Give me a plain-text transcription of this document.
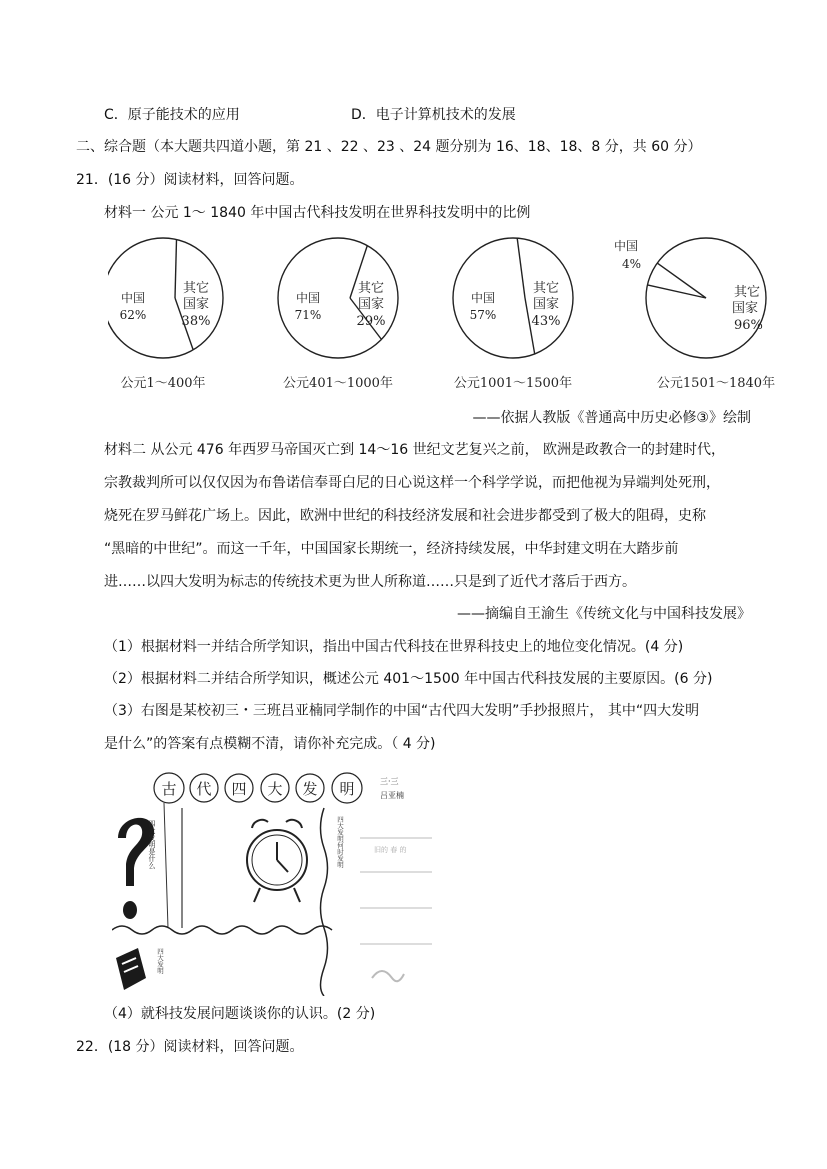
C．原子能技术的应用	D．电子计算机技术的发展
二、综合题（本大题共四道小题，第 21 、22 、23 、24 题分别为 16、18、18、8 分，共 60 分）
21．(16 分）阅读材料，回答问题。
材料一 公元 1～ 1840 年中国古代科技发明在世界科技发明中的比例
中国
62%
其它
国家
38%
公元1～400年
中国
71%
其它
国家
29%
公元401～1000年
中国
57%
其它
国家
43%
公元1001～1500年
中国
4%
其它
国家
96%
公元1501～1840年
——依据人教版《普通高中历史必修③》绘制
材料二 从公元 476 年西罗马帝国灭亡到 14～16 世纪文艺复兴之前， 欧洲是政教合一的封建时代，
宗教裁判所可以仅仅因为布鲁诺信奉哥白尼的日心说这样一个科学学说，而把他视为异端判处死刑，
烧死在罗马鲜花广场上。因此，欧洲中世纪的科技经济发展和社会进步都受到了极大的阻碍，史称
“黑暗的中世纪”。而这一千年，中国国家长期统一，经济持续发展，中华封建文明在大踏步前
进……以四大发明为标志的传统技术更为世人所称道……只是到了近代才落后于西方。
——摘编自王渝生《传统文化与中国科技发展》
（1）根据材料一并结合所学知识，指出中国古代科技在世界科技史上的地位变化情况。(4 分)
（2）根据材料二并结合所学知识，概述公元 401～1500 年中国古代科技发展的主要原因。(6 分)
（3）右图是某校初三・三班吕亚楠同学制作的中国“古代四大发明”手抄报照片， 其中“四大发明
是什么”的答案有点模糊不清，请你补充完成。（ 4 分)
古 代 四 大 发 明	三·三
吕亚楠
四大发明是什么	四大发明何时发明	旧的 春 的
四大发明
（4）就科技发展问题谈谈你的认识。(2 分)
22．(18 分）阅读材料，回答问题。
